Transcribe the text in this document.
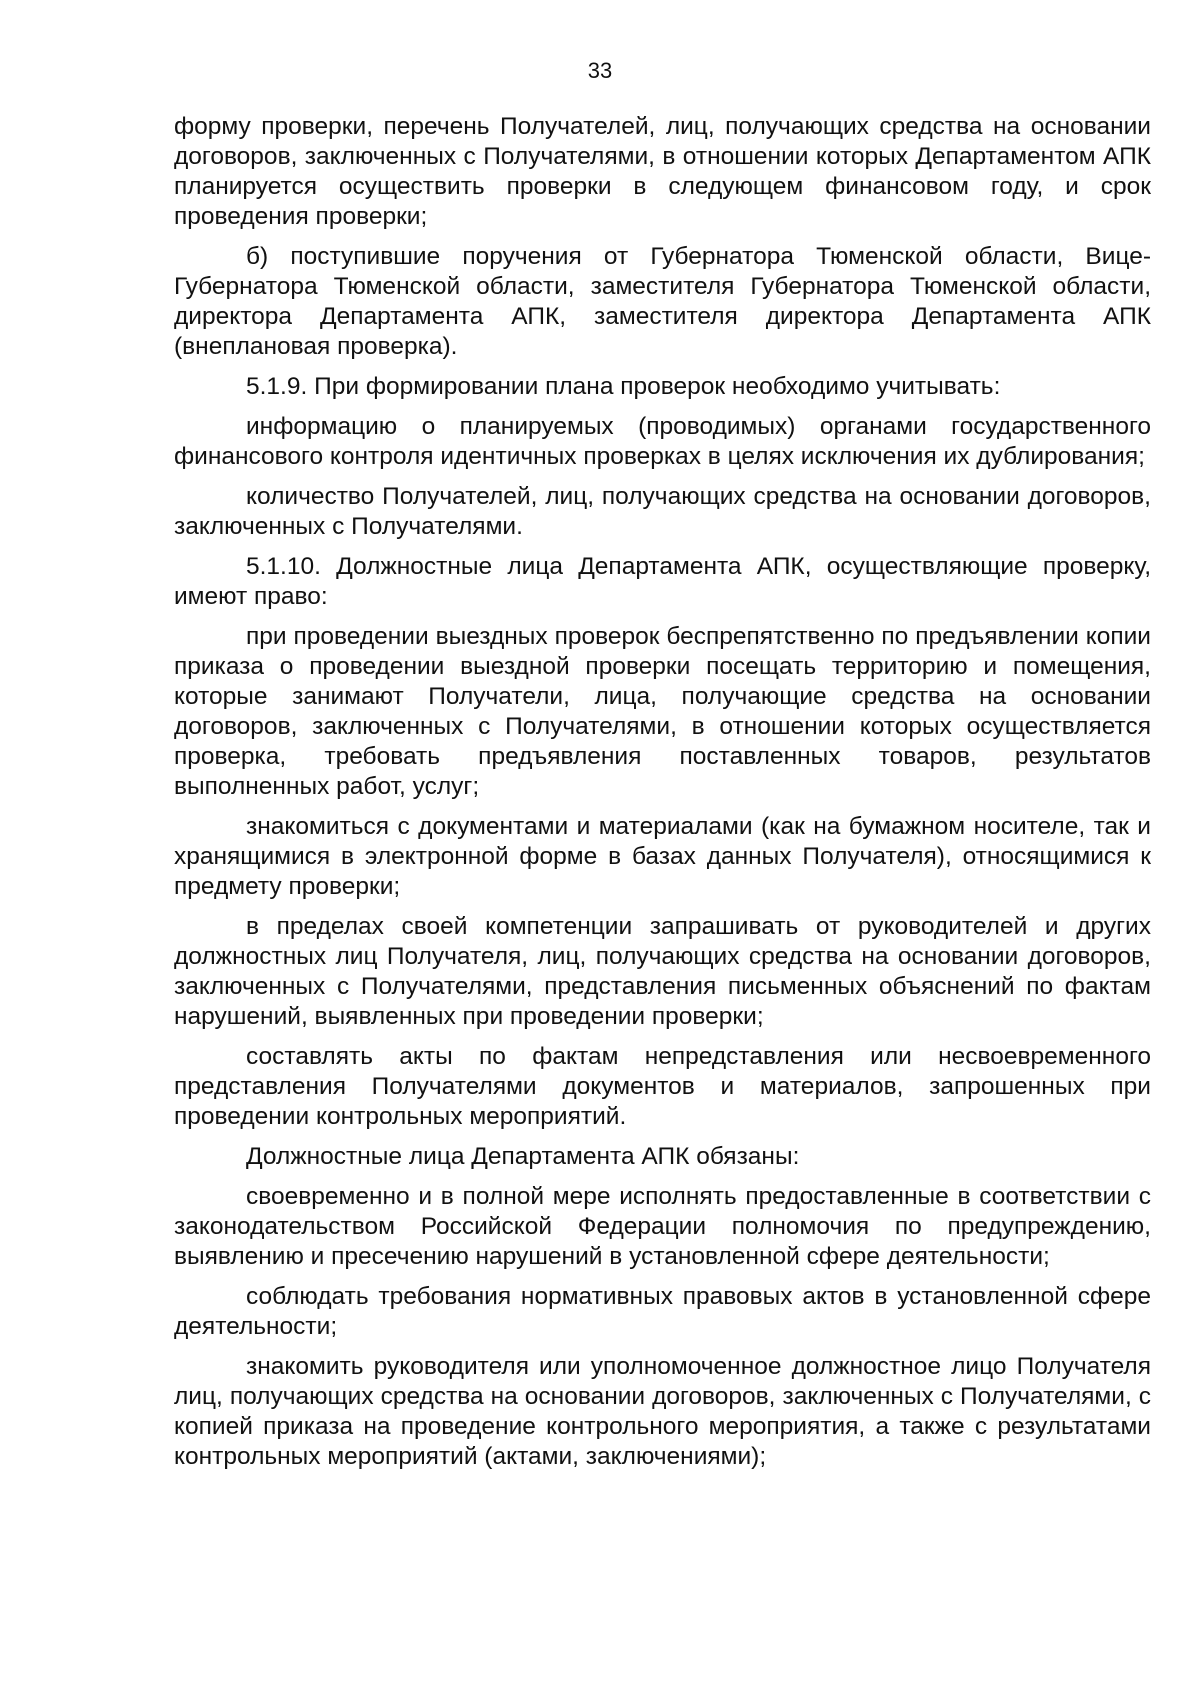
33

форму проверки, перечень Получателей, лиц, получающих средства на основании договоров, заключенных с Получателями, в отношении которых Департаментом АПК планируется осуществить проверки в следующем финансовом году, и срок проведения проверки;

б) поступившие поручения от Губернатора Тюменской области, Вице-Губернатора Тюменской области, заместителя Губернатора Тюменской области, директора Департамента АПК, заместителя директора Департамента АПК (внеплановая проверка).

5.1.9. При формировании плана проверок необходимо учитывать:

информацию о планируемых (проводимых) органами государственного финансового контроля идентичных проверках в целях исключения их дублирования;

количество Получателей, лиц, получающих средства на основании договоров, заключенных с Получателями.

5.1.10. Должностные лица Департамента АПК, осуществляющие проверку, имеют право:

при проведении выездных проверок беспрепятственно по предъявлении копии приказа о проведении выездной проверки посещать территорию и помещения, которые занимают Получатели, лица, получающие средства на основании договоров, заключенных с Получателями, в отношении которых осуществляется проверка, требовать предъявления поставленных товаров, результатов выполненных работ, услуг;

знакомиться с документами и материалами (как на бумажном носителе, так и хранящимися в электронной форме в базах данных Получателя), относящимися к предмету проверки;

в пределах своей компетенции запрашивать от руководителей и других должностных лиц Получателя, лиц, получающих средства на основании договоров, заключенных с Получателями, представления письменных объяснений по фактам нарушений, выявленных при проведении проверки;

составлять акты по фактам непредставления или несвоевременного представления Получателями документов и материалов, запрошенных при проведении контрольных мероприятий.

Должностные лица Департамента АПК обязаны:

своевременно и в полной мере исполнять предоставленные в соответствии с законодательством Российской Федерации полномочия по предупреждению, выявлению и пресечению нарушений в установленной сфере деятельности;

соблюдать требования нормативных правовых актов в установленной сфере деятельности;

знакомить руководителя или уполномоченное должностное лицо Получателя лиц, получающих средства на основании договоров, заключенных с Получателями, с копией приказа на проведение контрольного мероприятия, а также с результатами контрольных мероприятий (актами, заключениями);
